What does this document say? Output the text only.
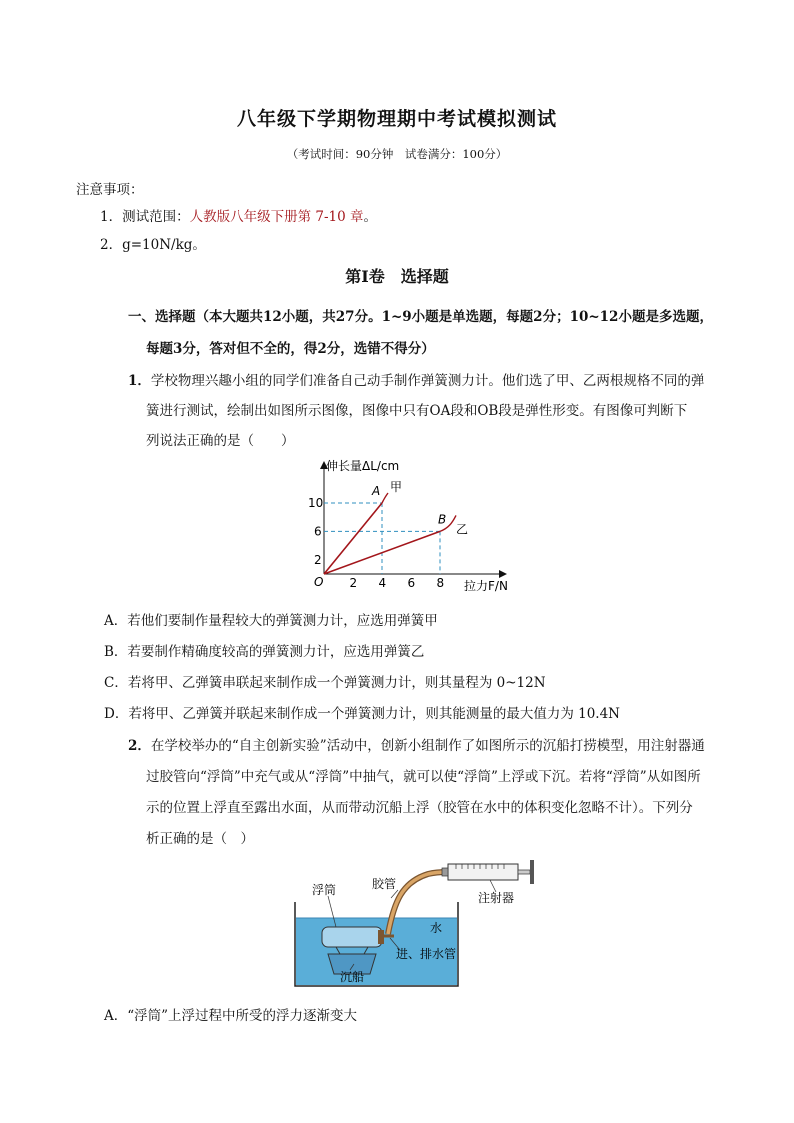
八年级下学期物理期中考试模拟测试
（考试时间：90分钟　试卷满分：100分）
注意事项：
1．测试范围：人教版八年级下册第 7-10 章。
2．g=10N/kg。
第Ⅰ卷　选择题
一、选择题（本大题共12小题，共27分。1~9小题是单选题，每题2分；10~12小题是多选题，
每题3分，答对但不全的，得2分，选错不得分）
1．学校物理兴趣小组的同学们准备自己动手制作弹簧测力计。他们选了甲、乙两根规格不同的弹
簧进行测试，绘制出如图所示图像，图像中只有OA段和OB段是弹性形变。有图像可判断下
列说法正确的是（　　）
2 4 6 8
2
6
10
A 甲
B
乙
伸长量ΔL/cm
拉力F/N
O
A．若他们要制作量程较大的弹簧测力计，应选用弹簧甲
B．若要制作精确度较高的弹簧测力计，应选用弹簧乙
C．若将甲、乙弹簧串联起来制作成一个弹簧测力计，则其量程为 0~12N
D．若将甲、乙弹簧并联起来制作成一个弹簧测力计，则其能测量的最大值力为 10.4N
2．在学校举办的“自主创新实验”活动中，创新小组制作了如图所示的沉船打捞模型，用注射器通
过胶管向“浮筒”中充气或从“浮筒”中抽气，就可以使“浮筒”上浮或下沉。若将“浮筒”从如图所
示的位置上浮直至露出水面，从而带动沉船上浮（胶管在水中的体积变化忽略不计）。下列分
析正确的是（　）
浮筒	胶管
注射器
水
进、排水管
沉船
A．“浮筒”上浮过程中所受的浮力逐渐变大
